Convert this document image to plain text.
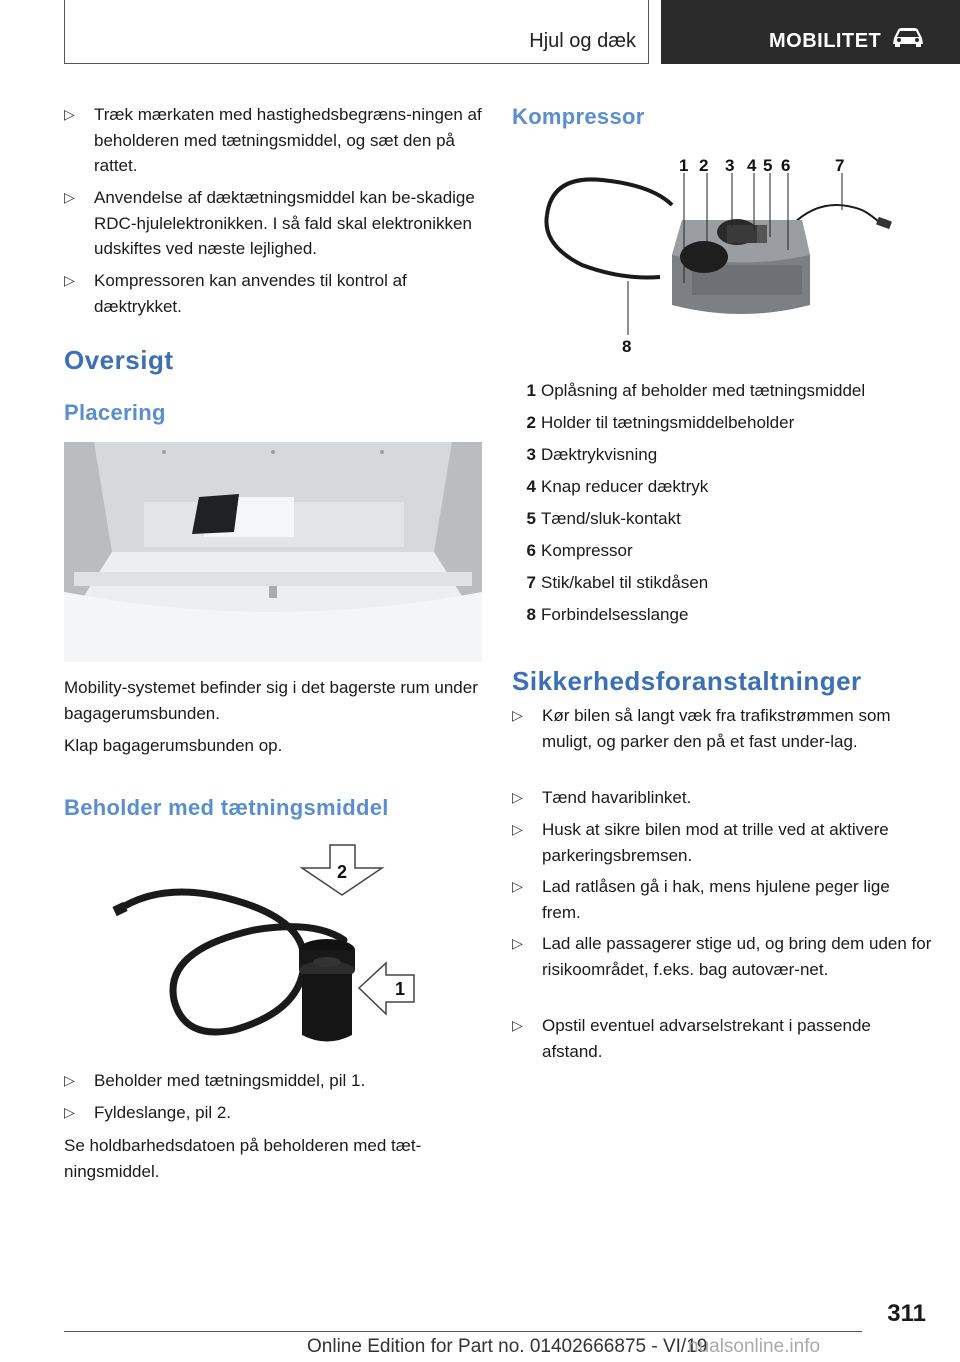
Hjul og dæk	MOBILITET
▷	Træk mærkaten med hastighedsbegræns-ningen af beholderen med tætningsmiddel, og sæt den på rattet.
▷	Anvendelse af dæktætningsmiddel kan be-skadige RDC-hjulelektronikken. I så fald skal elektronikken udskiftes ved næste lejlighed.
▷	Kompressoren kan anvendes til kontrol af dæktrykket.
Oversigt
Placering
Mobility-systemet befinder sig i det bagerste rum under bagagerumsbunden.
Klap bagagerumsbunden op.
Beholder med tætningsmiddel
2
1
▷	Beholder med tætningsmiddel, pil 1.
▷	Fyldeslange, pil 2.
Se holdbarhedsdatoen på beholderen med tæt-ningsmiddel.
Kompressor
1 2 3 4 5 6	7
8
1 Oplåsning af beholder med tætningsmiddel
2 Holder til tætningsmiddelbeholder
3 Dæktrykvisning
4 Knap reducer dæktryk
5 Tænd/sluk-kontakt
6 Kompressor
7 Stik/kabel til stikdåsen
8 Forbindelsesslange
Sikkerhedsforanstaltninger
▷	Kør bilen så langt væk fra trafikstrømmen som muligt, og parker den på et fast under-lag.
▷	Tænd havariblinket.
▷	Husk at sikre bilen mod at trille ved at aktivere parkeringsbremsen.
▷	Lad ratlåsen gå i hak, mens hjulene peger lige frem.
▷	Lad alle passagerer stige ud, og bring dem uden for risikoområdet, f.eks. bag autovær-net.
▷	Opstil eventuel advarselstrekant i passende afstand.
311
Online Edition for Part no. 01402666875 - VI/19
nualsonline.info
